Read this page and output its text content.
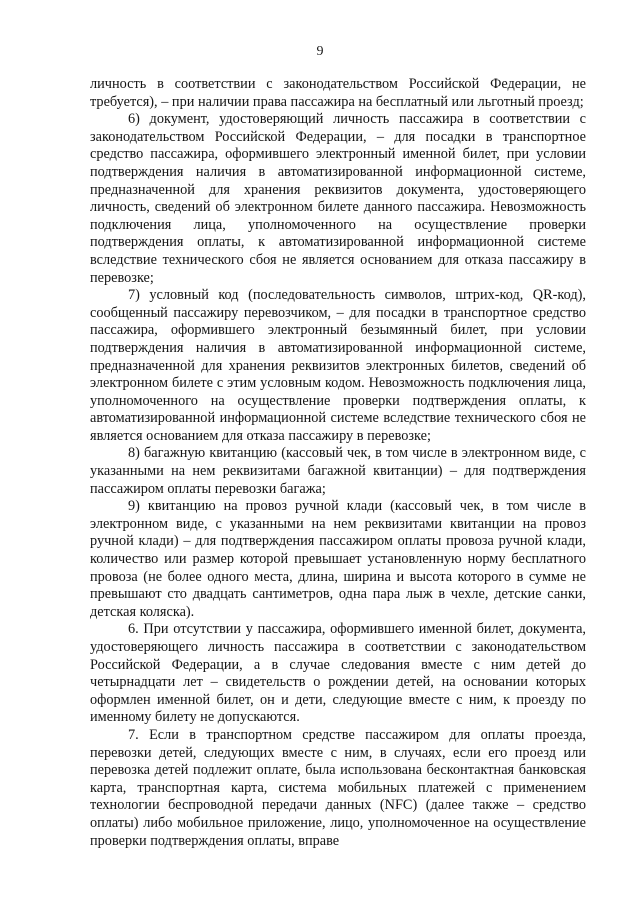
9

личность в соответствии с законодательством Российской Федерации, не требуется), – при наличии права пассажира на бесплатный или льготный проезд;

6) документ, удостоверяющий личность пассажира в соответствии с законодательством Российской Федерации, – для посадки в транспортное средство пассажира, оформившего электронный именной билет, при условии подтверждения наличия в автоматизированной информационной системе, предназначенной для хранения реквизитов документа, удостоверяющего личность, сведений об электронном билете данного пассажира. Невозможность подключения лица, уполномоченного на осуществление проверки подтверждения оплаты, к автоматизированной информационной системе вследствие технического сбоя не является основанием для отказа пассажиру в перевозке;

7) условный код (последовательность символов, штрих-код, QR-код), сообщенный пассажиру перевозчиком, – для посадки в транспортное средство пассажира, оформившего электронный безымянный билет, при условии подтверждения наличия в автоматизированной информационной системе, предназначенной для хранения реквизитов электронных билетов, сведений об электронном билете с этим условным кодом. Невозможность подключения лица, уполномоченного на осуществление проверки подтверждения оплаты, к автоматизированной информационной системе вследствие технического сбоя не является основанием для отказа пассажиру в перевозке;

8) багажную квитанцию (кассовый чек, в том числе в электронном виде, с указанными на нем реквизитами багажной квитанции) – для подтверждения пассажиром оплаты перевозки багажа;

9) квитанцию на провоз ручной клади (кассовый чек, в том числе в электронном виде, с указанными на нем реквизитами квитанции на провоз ручной клади) – для подтверждения пассажиром оплаты провоза ручной клади, количество или размер которой превышает установленную норму бесплатного провоза (не более одного места, длина, ширина и высота которого в сумме не превышают сто двадцать сантиметров, одна пара лыж в чехле, детские санки, детская коляска).

6. При отсутствии у пассажира, оформившего именной билет, документа, удостоверяющего личность пассажира в соответствии с законодательством Российской Федерации, а в случае следования вместе с ним детей до четырнадцати лет – свидетельств о рождении детей, на основании которых оформлен именной билет, он и дети, следующие вместе с ним, к проезду по именному билету не допускаются.

7. Если в транспортном средстве пассажиром для оплаты проезда, перевозки детей, следующих вместе с ним, в случаях, если его проезд или перевозка детей подлежит оплате, была использована бесконтактная банковская карта, транспортная карта, система мобильных платежей с применением технологии беспроводной передачи данных (NFC) (далее также – средство оплаты) либо мобильное приложение, лицо, уполномоченное на осуществление проверки подтверждения оплаты, вправе
